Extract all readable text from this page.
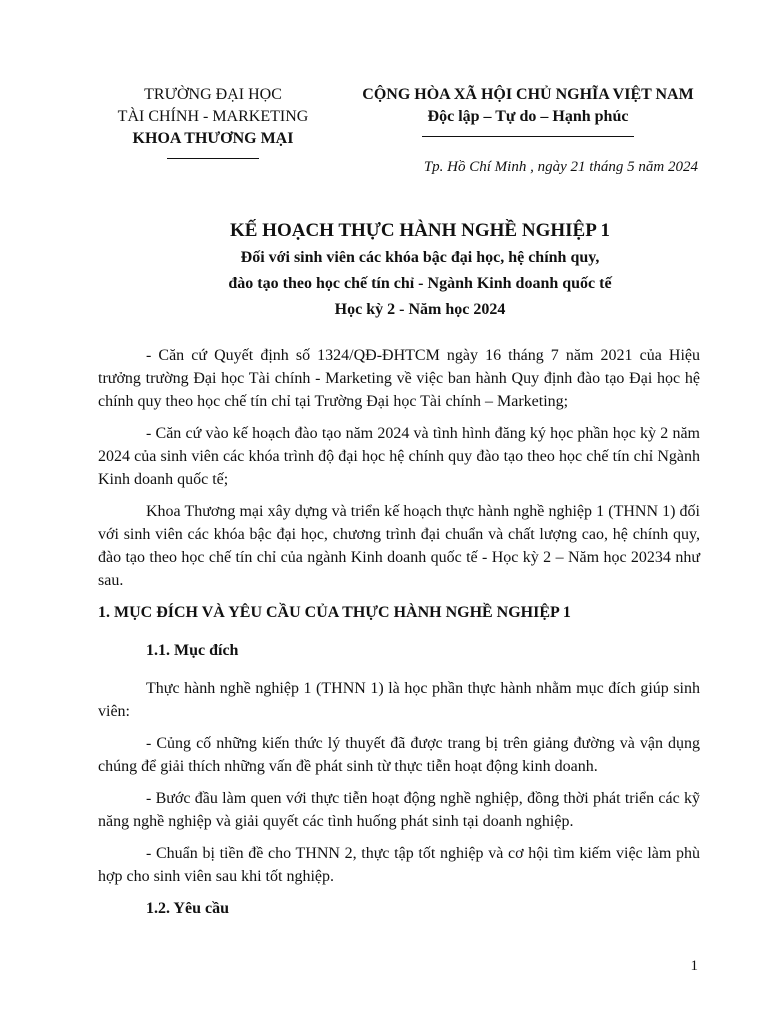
TRƯỜNG ĐẠI HỌC
TÀI CHÍNH - MARKETING
KHOA THƯƠNG MẠI
CỘNG HÒA XÃ HỘI CHỦ NGHĨA VIỆT NAM
Độc lập – Tự do – Hạnh phúc
Tp. Hồ Chí Minh , ngày 21 tháng 5 năm 2024
KẾ HOẠCH THỰC HÀNH NGHỀ NGHIỆP 1
Đối với sinh viên các khóa bậc đại học, hệ chính quy,
đào tạo theo học chế tín chỉ - Ngành Kinh doanh quốc tế
Học kỳ 2 - Năm học 2024

- Căn cứ Quyết định số 1324/QĐ-ĐHTCM ngày 16 tháng 7 năm 2021 của Hiệu trưởng trường Đại học Tài chính - Marketing về việc ban hành Quy định đào tạo Đại học hệ chính quy theo học chế tín chỉ tại Trường Đại học Tài chính – Marketing;

- Căn cứ vào kế hoạch đào tạo năm 2024 và tình hình đăng ký học phần học kỳ 2 năm 2024 của sinh viên các khóa trình độ đại học hệ chính quy đào tạo theo học chế tín chỉ Ngành Kinh doanh quốc tế;

Khoa Thương mại xây dựng và triển kế hoạch thực hành nghề nghiệp 1 (THNN 1) đối với sinh viên các khóa bậc đại học, chương trình đại chuẩn và chất lượng cao, hệ chính quy, đào tạo theo học chế tín chỉ của ngành Kinh doanh quốc tế - Học kỳ 2 – Năm học 20234 như sau.

1. MỤC ĐÍCH VÀ YÊU CẦU CỦA THỰC HÀNH NGHỀ NGHIỆP 1
1.1. Mục đích

Thực hành nghề nghiệp 1 (THNN 1) là học phần thực hành nhằm mục đích giúp sinh viên:

- Củng cố những kiến thức lý thuyết đã được trang bị trên giảng đường và vận dụng chúng để giải thích những vấn đề phát sinh từ thực tiễn hoạt động kinh doanh.

- Bước đầu làm quen với thực tiễn hoạt động nghề nghiệp, đồng thời phát triển các kỹ năng nghề nghiệp và giải quyết các tình huống phát sinh tại doanh nghiệp.

- Chuẩn bị tiền đề cho THNN 2, thực tập tốt nghiệp và cơ hội tìm kiếm việc làm phù hợp cho sinh viên sau khi tốt nghiệp.

1.2. Yêu cầu
1
